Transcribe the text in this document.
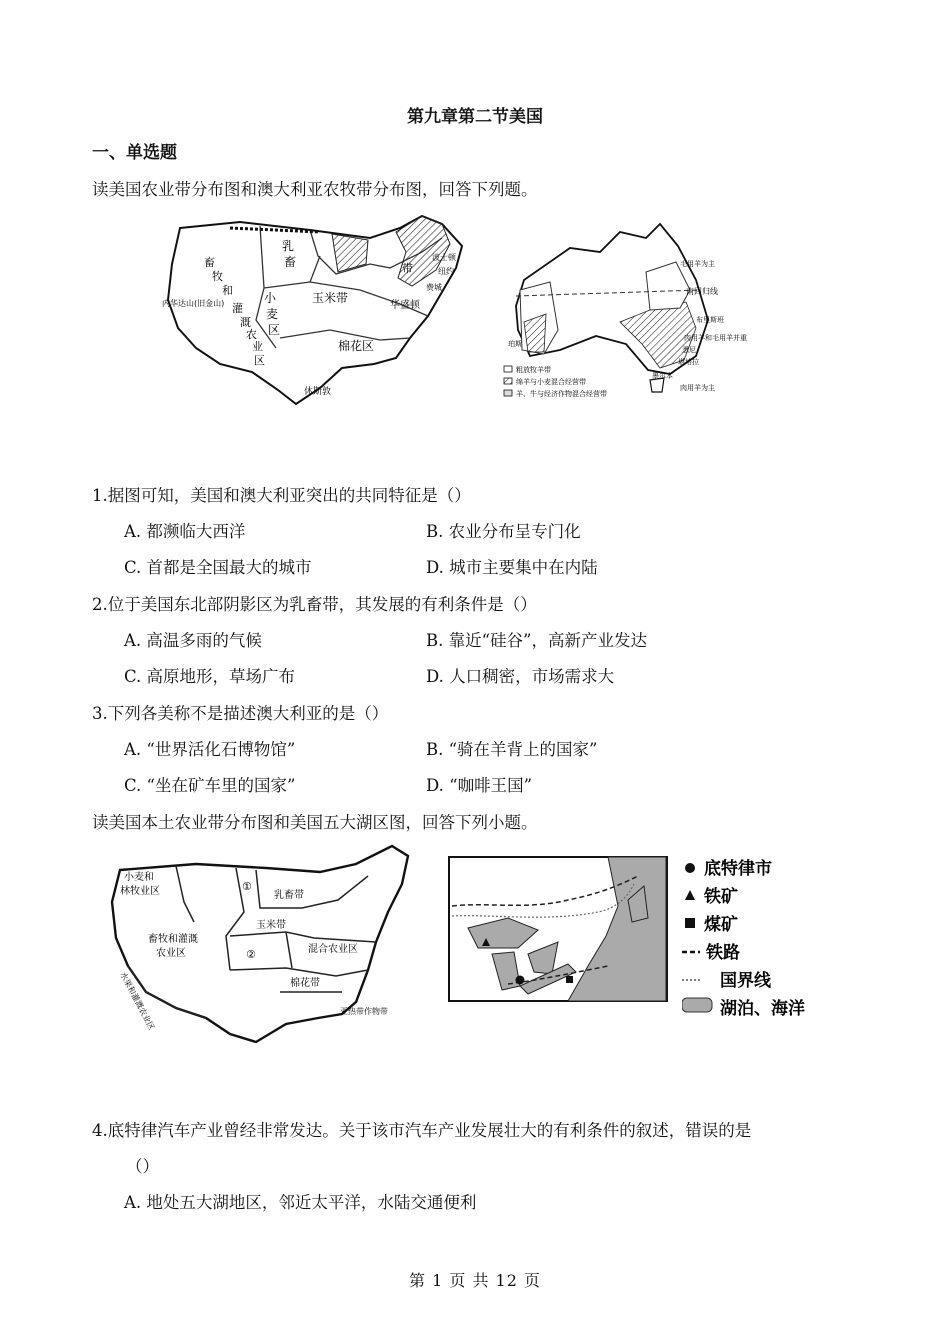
第九章第二节美国
一、单选题
读美国农业带分布图和澳大利亚农牧带分布图，回答下列题。
畜
牧
和
灌
溉
农
业
区
内华达山(旧金山)	小
麦
区
玉米带
乳
畜	带
波士顿
纽约
费城
华盛顿
棉花区
休斯敦
毛用羊为主
南回归线
布里斯班
肉用羊和毛用羊并重
悉尼
堪培拉
墨尔本
珀斯
肉用羊为主
粗放牧羊带
绵羊与小麦混合经营带
羊、牛与经济作物混合经营带
1.据图可知，美国和澳大利亚突出的共同特征是（）
A. 都濒临大西洋	B. 农业分布呈专门化
C. 首都是全国最大的城市	D. 城市主要集中在内陆
2.位于美国东北部阴影区为乳畜带，其发展的有利条件是（）
A. 高温多雨的气候	B. 靠近“硅谷”，高新产业发达
C. 高原地形，草场广布	D. 人口稠密，市场需求大
3.下列各美称不是描述澳大利亚的是（）
A. “世界活化石博物馆”	B. “骑在羊背上的国家”
C. “坐在矿车里的国家”	D. “咖啡王国”
读美国本土农业带分布图和美国五大湖区图，回答下列小题。
小麦和
林牧业区	①
乳畜带
畜牧和灌溉
农业区
玉米带
②	混合农业区
棉花带
亚热带作物带
水果和灌溉农业区
底特律市
铁矿
煤矿
铁路
国界线
湖泊、海洋
4.底特律汽车产业曾经非常发达。关于该市汽车产业发展壮大的有利条件的叙述，错误的是
（）
A. 地处五大湖地区，邻近太平洋，水陆交通便利
第 1 页 共 12 页
